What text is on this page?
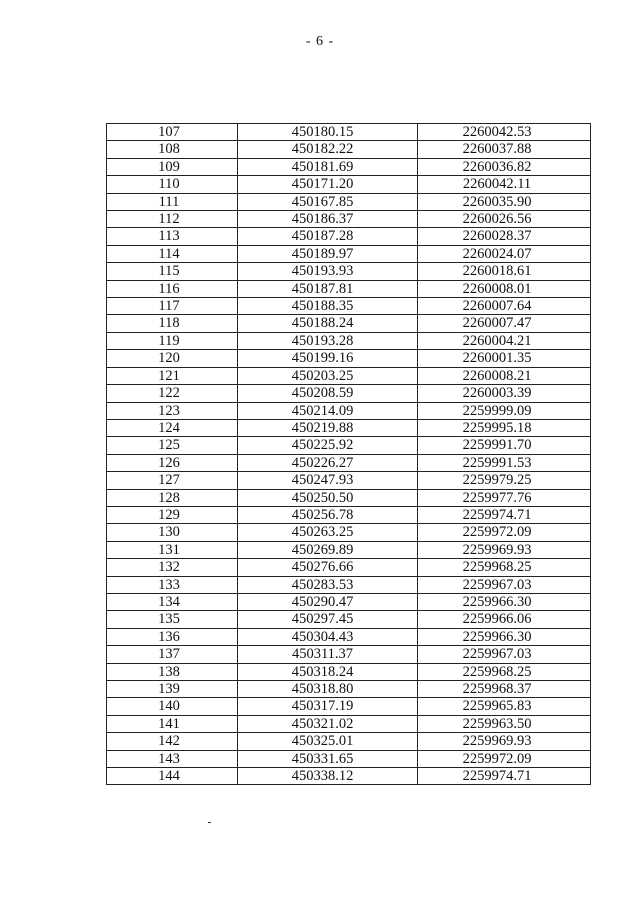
- 6 -
107	450180.15	2260042.53
108	450182.22	2260037.88
109	450181.69	2260036.82
110	450171.20	2260042.11
111	450167.85	2260035.90
112	450186.37	2260026.56
113	450187.28	2260028.37
114	450189.97	2260024.07
115	450193.93	2260018.61
116	450187.81	2260008.01
117	450188.35	2260007.64
118	450188.24	2260007.47
119	450193.28	2260004.21
120	450199.16	2260001.35
121	450203.25	2260008.21
122	450208.59	2260003.39
123	450214.09	2259999.09
124	450219.88	2259995.18
125	450225.92	2259991.70
126	450226.27	2259991.53
127	450247.93	2259979.25
128	450250.50	2259977.76
129	450256.78	2259974.71
130	450263.25	2259972.09
131	450269.89	2259969.93
132	450276.66	2259968.25
133	450283.53	2259967.03
134	450290.47	2259966.30
135	450297.45	2259966.06
136	450304.43	2259966.30
137	450311.37	2259967.03
138	450318.24	2259968.25
139	450318.80	2259968.37
140	450317.19	2259965.83
141	450321.02	2259963.50
142	450325.01	2259969.93
143	450331.65	2259972.09
144	450338.12	2259974.71
